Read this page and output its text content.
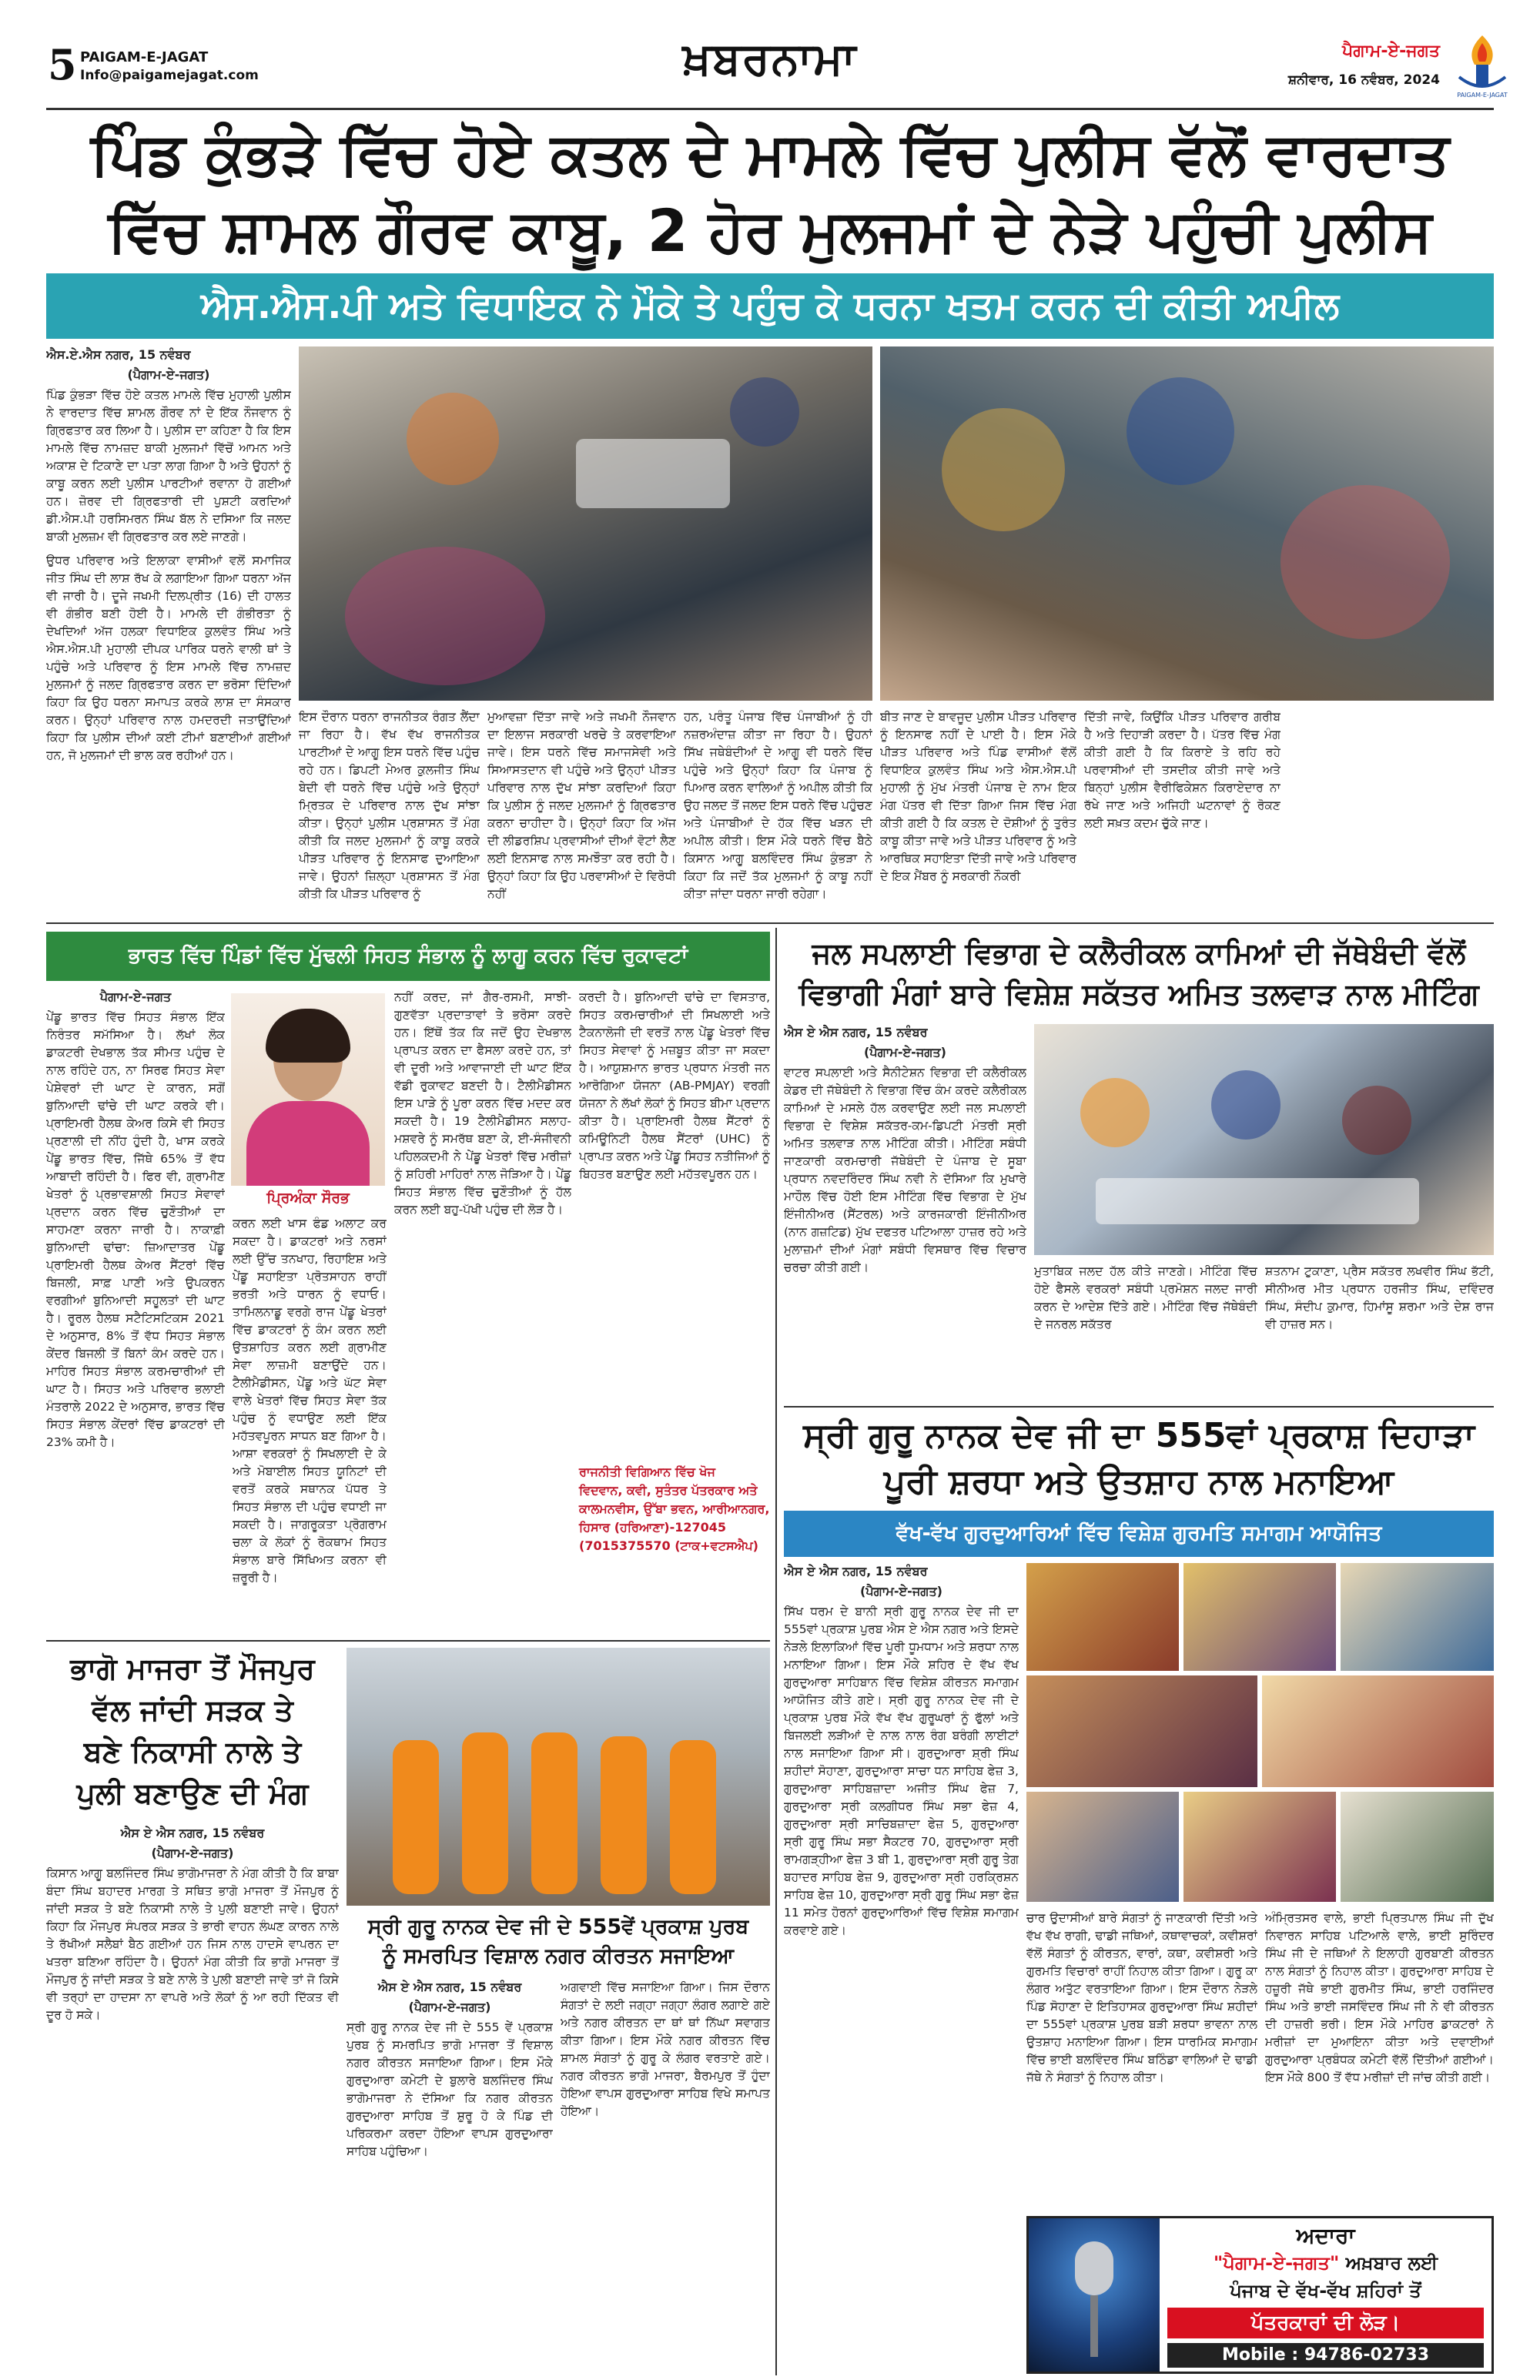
5 PAIGAM-E-JAGAT
Info@paigamejagat.com	ਖ਼ਬਰਨਾਮਾ	ਪੈਗਾਮ-ਏ-ਜਗਤ
ਸ਼ਨੀਵਾਰ, 16 ਨਵੰਬਰ, 2024
PAIGAM-E-JAGAT
ਪਿੰਡ ਕੁੰਭੜੇ ਵਿੱਚ ਹੋਏ ਕਤਲ ਦੇ ਮਾਮਲੇ ਵਿੱਚ ਪੁਲੀਸ ਵੱਲੋਂ ਵਾਰਦਾਤ
ਵਿੱਚ ਸ਼ਾਮਲ ਗੌਰਵ ਕਾਬੂ, 2 ਹੋਰ ਮੁਲਜਮਾਂ ਦੇ ਨੇੜੇ ਪਹੁੰਚੀ ਪੁਲੀਸ
ਐਸ.ਐਸ.ਪੀ ਅਤੇ ਵਿਧਾਇਕ ਨੇ ਮੌਕੇ ਤੇ ਪਹੁੰਚ ਕੇ ਧਰਨਾ ਖਤਮ ਕਰਨ ਦੀ ਕੀਤੀ ਅਪੀਲ
ਐਸ.ਏ.ਐਸ ਨਗਰ, 15 ਨਵੰਬਰ
(ਪੈਗਾਮ-ਏ-ਜਗਤ)

ਪਿੰਡ ਕੁੰਭੜਾ ਵਿੱਚ ਹੋਏ ਕਤਲ ਮਾਮਲੇ ਵਿੱਚ ਮੁਹਾਲੀ ਪੁਲੀਸ ਨੇ ਵਾਰਦਾਤ ਵਿੱਚ ਸ਼ਾਮਲ ਗੌਰਵ ਨਾਂ ਦੇ ਇੱਕ ਨੌਜਵਾਨ ਨੂੰ ਗ੍ਰਿਫਤਾਰ ਕਰ ਲਿਆ ਹੈ। ਪੁਲੀਸ ਦਾ ਕਹਿਣਾ ਹੈ ਕਿ ਇਸ ਮਾਮਲੇ ਵਿੱਚ ਨਾਮਜ਼ਦ ਬਾਕੀ ਮੁਲਜਮਾਂ ਵਿੱਚੋਂ ਆਮਨ ਅਤੇ ਅਕਾਸ਼ ਦੇ ਟਿਕਾਣੇ ਦਾ ਪਤਾ ਲਾਗ ਗਿਆ ਹੈ ਅਤੇ ਉਹਨਾਂ ਨੂੰ ਕਾਬੂ ਕਰਨ ਲਈ ਪੁਲੀਸ ਪਾਰਟੀਆਂ ਰਵਾਨਾ ਹੋ ਗਈਆਂ ਹਨ। ਜ਼ੋਰਵ ਦੀ ਗ੍ਰਿਫਤਾਰੀ ਦੀ ਪੁਸ਼ਟੀ ਕਰਦਿਆਂ ਡੀ.ਐਸ.ਪੀ ਹਰਸਿਮਰਨ ਸਿੰਘ ਬੱਲ ਨੇ ਦਸਿਆ ਕਿ ਜਲਦ ਬਾਕੀ ਮੁਲਜ਼ਮ ਵੀ ਗ੍ਰਿਫਤਾਰ ਕਰ ਲਏ ਜਾਣਗੇ।

ਉਧਰ ਪਰਿਵਾਰ ਅਤੇ ਇਲਾਕਾ ਵਾਸੀਆਂ ਵਲੋਂ ਸਮਾਜਿਕ ਜੀਤ ਸਿੰਘ ਦੀ ਲਾਸ਼ ਰੱਖ ਕੇ ਲਗਾਇਆ ਗਿਆ ਧਰਨਾ ਅੱਜ ਵੀ ਜਾਰੀ ਹੈ। ਦੂਜੇ ਜਖਮੀ ਦਿਲਪ੍ਰੀਤ (16) ਦੀ ਹਾਲਤ ਵੀ ਗੰਭੀਰ ਬਣੀ ਹੋਈ ਹੈ। ਮਾਮਲੇ ਦੀ ਗੰਭੀਰਤਾ ਨੂੰ ਦੇਖਦਿਆਂ ਅੱਜ ਹਲਕਾ ਵਿਧਾਇਕ ਕੁਲਵੰਤ ਸਿੰਘ ਅਤੇ ਐਸ.ਐਸ.ਪੀ ਮੁਹਾਲੀ ਦੀਪਕ ਪਾਰਿਕ ਧਰਨੇ ਵਾਲੀ ਥਾਂ ਤੇ ਪਹੁੰਚੇ ਅਤੇ ਪਰਿਵਾਰ ਨੂੰ ਇਸ ਮਾਮਲੇ ਵਿੱਚ ਨਾਮਜ਼ਦ ਮੁਲਜਮਾਂ ਨੂੰ ਜਲਦ ਗ੍ਰਿਫਤਾਰ ਕਰਨ ਦਾ ਭਰੋਸਾ ਦਿੰਦਿਆਂ ਕਿਹਾ ਕਿ ਉਹ ਧਰਨਾ ਸਮਾਪਤ ਕਰਕੇ ਲਾਸ਼ ਦਾ ਸੰਸਕਾਰ ਕਰਨ। ਉਨ੍ਹਾਂ ਪਰਿਵਾਰ ਨਾਲ ਹਮਦਰਦੀ ਜਤਾਉਂਦਿਆਂ ਕਿਹਾ ਕਿ ਪੁਲੀਸ ਦੀਆਂ ਕਈ ਟੀਮਾਂ ਬਣਾਈਆਂ ਗਈਆਂ ਹਨ, ਜੋ ਮੁਲਜਮਾਂ ਦੀ ਭਾਲ ਕਰ ਰਹੀਆਂ ਹਨ।

ਇਸ ਦੌਰਾਨ ਧਰਨਾ ਰਾਜਨੀਤਕ ਰੰਗਤ ਲੈਂਦਾ ਜਾ ਰਿਹਾ ਹੈ। ਵੱਖ ਵੱਖ ਰਾਜਨੀਤਕ ਪਾਰਟੀਆਂ ਦੇ ਆਗੂ ਇਸ ਧਰਨੇ ਵਿੱਚ ਪਹੁੰਚ ਰਹੇ ਹਨ। ਡਿਪਟੀ ਮੇਅਰ ਕੁਲਜੀਤ ਸਿੰਘ ਬੇਦੀ ਵੀ ਧਰਨੇ ਵਿੱਚ ਪਹੁੰਚੇ ਅਤੇ ਉਨ੍ਹਾਂ ਮ੍ਰਿਤਕ ਦੇ ਪਰਿਵਾਰ ਨਾਲ ਦੁੱਖ ਸਾਂਝਾ ਕੀਤਾ। ਉਨ੍ਹਾਂ ਪੁਲੀਸ ਪ੍ਰਸ਼ਾਸਨ ਤੋਂ ਮੰਗ ਕੀਤੀ ਕਿ ਜਲਦ ਮੁਲਜਮਾਂ ਨੂੰ ਕਾਬੂ ਕਰਕੇ ਪੀੜਤ ਪਰਿਵਾਰ ਨੂੰ ਇਨਸਾਫ ਦੁਆਇਆ ਜਾਵੇ। ਉਹਨਾਂ ਜ਼ਿਲ੍ਹਾ ਪ੍ਰਸ਼ਾਸਨ ਤੋਂ ਮੰਗ ਕੀਤੀ ਕਿ ਪੀੜਤ ਪਰਿਵਾਰ ਨੂੰ
ਮੁਆਵਜ਼ਾ ਦਿੱਤਾ ਜਾਵੇ ਅਤੇ ਜਖਮੀ ਨੌਜਵਾਨ ਦਾ ਇਲਾਜ ਸਰਕਾਰੀ ਖਰਚੇ ਤੇ ਕਰਵਾਇਆ ਜਾਵੇ। ਇਸ ਧਰਨੇ ਵਿੱਚ ਸਮਾਜਸੇਵੀ ਅਤੇ ਸਿਆਸਤਦਾਨ ਵੀ ਪਹੁੰਚੇ ਅਤੇ ਉਨ੍ਹਾਂ ਪੀੜਤ ਪਰਿਵਾਰ ਨਾਲ ਦੁੱਖ ਸਾਂਝਾ ਕਰਦਿਆਂ ਕਿਹਾ ਕਿ ਪੁਲੀਸ ਨੂੰ ਜਲਦ ਮੁਲਜਮਾਂ ਨੂੰ ਗ੍ਰਿਫਤਾਰ ਕਰਨਾ ਚਾਹੀਦਾ ਹੈ। ਉਨ੍ਹਾਂ ਕਿਹਾ ਕਿ ਅੱਜ ਦੀ ਲੀਡਰਸ਼ਿਪ ਪ੍ਰਵਾਸੀਆਂ ਦੀਆਂ ਵੋਟਾਂ ਲੈਣ ਲਈ ਇਨਸਾਫ ਨਾਲ ਸਮਝੌਤਾ ਕਰ ਰਹੀ ਹੈ। ਉਨ੍ਹਾਂ ਕਿਹਾ ਕਿ ਉਹ ਪਰਵਾਸੀਆਂ ਦੇ ਵਿਰੋਧੀ ਨਹੀਂ
ਹਨ, ਪਰੰਤੂ ਪੰਜਾਬ ਵਿੱਚ ਪੰਜਾਬੀਆਂ ਨੂੰ ਹੀ ਨਜ਼ਰਅੰਦਾਜ਼ ਕੀਤਾ ਜਾ ਰਿਹਾ ਹੈ। ਉਹਨਾਂ ਸਿੱਖ ਜਥੇਬੰਦੀਆਂ ਦੇ ਆਗੂ ਵੀ ਧਰਨੇ ਵਿੱਚ ਪਹੁੰਚੇ ਅਤੇ ਉਨ੍ਹਾਂ ਕਿਹਾ ਕਿ ਪੰਜਾਬ ਨੂੰ ਪਿਆਰ ਕਰਨ ਵਾਲਿਆਂ ਨੂੰ ਅਪੀਲ ਕੀਤੀ ਕਿ ਉਹ ਜਲਦ ਤੋਂ ਜਲਦ ਇਸ ਧਰਨੇ ਵਿੱਚ ਪਹੁੰਚਣ ਅਤੇ ਪੰਜਾਬੀਆਂ ਦੇ ਹੱਕ ਵਿੱਚ ਖੜਨ ਦੀ ਅਪੀਲ ਕੀਤੀ। ਇਸ ਮੌਕੇ ਧਰਨੇ ਵਿੱਚ ਬੈਠੇ ਕਿਸਾਨ ਆਗੂ ਬਲਵਿੰਦਰ ਸਿੰਘ ਕੁੰਭੜਾ ਨੇ ਕਿਹਾ ਕਿ ਜਦੋਂ ਤੱਕ ਮੁਲਜਮਾਂ ਨੂੰ ਕਾਬੂ ਨਹੀਂ ਕੀਤਾ ਜਾਂਦਾ ਧਰਨਾ ਜਾਰੀ ਰਹੇਗਾ।
ਬੀਤ ਜਾਣ ਦੇ ਬਾਵਜੂਦ ਪੁਲੀਸ ਪੀੜਤ ਪਰਿਵਾਰ ਨੂੰ ਇਨਸਾਫ ਨਹੀਂ ਦੇ ਪਾਈ ਹੈ। ਇਸ ਮੌਕੇ ਪੀੜਤ ਪਰਿਵਾਰ ਅਤੇ ਪਿੰਡ ਵਾਸੀਆਂ ਵੱਲੋਂ ਵਿਧਾਇਕ ਕੁਲਵੰਤ ਸਿੰਘ ਅਤੇ ਐਸ.ਐਸ.ਪੀ ਮੁਹਾਲੀ ਨੂੰ ਮੁੱਖ ਮੰਤਰੀ ਪੰਜਾਬ ਦੇ ਨਾਮ ਇਕ ਮੰਗ ਪੱਤਰ ਵੀ ਦਿੱਤਾ ਗਿਆ ਜਿਸ ਵਿੱਚ ਮੰਗ ਕੀਤੀ ਗਈ ਹੈ ਕਿ ਕਤਲ ਦੇ ਦੋਸ਼ੀਆਂ ਨੂੰ ਤੁਰੰਤ ਕਾਬੂ ਕੀਤਾ ਜਾਵੇ ਅਤੇ ਪੀੜਤ ਪਰਿਵਾਰ ਨੂੰ ਅਤੇ ਆਰਥਿਕ ਸਹਾਇਤਾ ਦਿੱਤੀ ਜਾਵੇ ਅਤੇ ਪਰਿਵਾਰ ਦੇ ਇਕ ਮੈਂਬਰ ਨੂੰ ਸਰਕਾਰੀ ਨੌਕਰੀ
ਦਿੱਤੀ ਜਾਵੇ, ਕਿਉਂਕਿ ਪੀੜਤ ਪਰਿਵਾਰ ਗਰੀਬ ਹੈ ਅਤੇ ਦਿਹਾੜੀ ਕਰਦਾ ਹੈ। ਪੱਤਰ ਵਿੱਚ ਮੰਗ ਕੀਤੀ ਗਈ ਹੈ ਕਿ ਕਿਰਾਏ ਤੇ ਰਹਿ ਰਹੇ ਪਰਵਾਸੀਆਂ ਦੀ ਤਸਦੀਕ ਕੀਤੀ ਜਾਵੇ ਅਤੇ ਬਿਨ੍ਹਾਂ ਪੁਲੀਸ ਵੈਰੀਫਿਕੇਸ਼ਨ ਕਿਰਾਏਦਾਰ ਨਾ ਰੱਖੇ ਜਾਣ ਅਤੇ ਅਜਿਹੀ ਘਟਨਾਵਾਂ ਨੂੰ ਰੋਕਣ ਲਈ ਸਖ਼ਤ ਕਦਮ ਚੁੱਕੇ ਜਾਣ।
ਭਾਰਤ ਵਿੱਚ ਪਿੰਡਾਂ ਵਿੱਚ ਮੁੱਢਲੀ ਸਿਹਤ ਸੰਭਾਲ ਨੂੰ ਲਾਗੂ ਕਰਨ ਵਿੱਚ ਰੁਕਾਵਟਾਂ
ਪੈਗਾਮ-ਏ-ਜਗਤ

ਪੇਂਡੂ ਭਾਰਤ ਵਿੱਚ ਸਿਹਤ ਸੰਭਾਲ ਇੱਕ ਨਿਰੰਤਰ ਸਮੱਸਿਆ ਹੈ। ਲੱਖਾਂ ਲੋਕ ਡਾਕਟਰੀ ਦੇਖਭਾਲ ਤੱਕ ਸੀਮਤ ਪਹੁੰਚ ਦੇ ਨਾਲ ਰਹਿੰਦੇ ਹਨ, ਨਾ ਸਿਰਫ ਸਿਹਤ ਸੇਵਾ ਪੇਸ਼ੇਵਰਾਂ ਦੀ ਘਾਟ ਦੇ ਕਾਰਨ, ਸਗੋਂ ਬੁਨਿਆਦੀ ਢਾਂਚੇ ਦੀ ਘਾਟ ਕਰਕੇ ਵੀ। ਪ੍ਰਾਇਮਰੀ ਹੈਲਥ ਕੇਅਰ ਕਿਸੇ ਵੀ ਸਿਹਤ ਪ੍ਰਣਾਲੀ ਦੀ ਨੀਂਹ ਹੁੰਦੀ ਹੈ, ਖਾਸ ਕਰਕੇ ਪੇਂਡੂ ਭਾਰਤ ਵਿੱਚ, ਜਿੱਥੇ 65% ਤੋਂ ਵੱਧ ਆਬਾਦੀ ਰਹਿੰਦੀ ਹੈ। ਫਿਰ ਵੀ, ਗ੍ਰਾਮੀਣ ਖੇਤਰਾਂ ਨੂੰ ਪ੍ਰਭਾਵਸ਼ਾਲੀ ਸਿਹਤ ਸੇਵਾਵਾਂ ਪ੍ਰਦਾਨ ਕਰਨ ਵਿੱਚ ਚੁਣੌਤੀਆਂ ਦਾ ਸਾਹਮਣਾ ਕਰਨਾ ਜਾਰੀ ਹੈ। ਨਾਕਾਫ਼ੀ ਬੁਨਿਆਦੀ ਢਾਂਚਾ: ਜ਼ਿਆਦਾਤਰ ਪੇਂਡੂ ਪ੍ਰਾਇਮਰੀ ਹੈਲਥ ਕੇਅਰ ਸੈਂਟਰਾਂ ਵਿੱਚ ਬਿਜਲੀ, ਸਾਫ਼ ਪਾਣੀ ਅਤੇ ਉਪਕਰਨ ਵਰਗੀਆਂ ਬੁਨਿਆਦੀ ਸਹੂਲਤਾਂ ਦੀ ਘਾਟ ਹੈ। ਰੂਰਲ ਹੈਲਥ ਸਟੈਟਿਸਟਿਕਸ 2021 ਦੇ ਅਨੁਸਾਰ, 8% ਤੋਂ ਵੱਧ ਸਿਹਤ ਸੰਭਾਲ ਕੇਂਦਰ ਬਿਜਲੀ ਤੋਂ ਬਿਨਾਂ ਕੰਮ ਕਰਦੇ ਹਨ। ਮਾਹਿਰ ਸਿਹਤ ਸੰਭਾਲ ਕਰਮਚਾਰੀਆਂ ਦੀ ਘਾਟ ਹੈ। ਸਿਹਤ ਅਤੇ ਪਰਿਵਾਰ ਭਲਾਈ ਮੰਤਰਾਲੇ 2022 ਦੇ ਅਨੁਸਾਰ, ਭਾਰਤ ਵਿੱਚ ਸਿਹਤ ਸੰਭਾਲ ਕੇਂਦਰਾਂ ਵਿੱਚ ਡਾਕਟਰਾਂ ਦੀ 23% ਕਮੀ ਹੈ।

ਪ੍ਰਿਅੰਕਾ ਸੌਰਭ
ਕਰਨ ਲਈ ਖਾਸ ਫੰਡ ਅਲਾਟ ਕਰ ਸਕਦਾ ਹੈ। ਡਾਕਟਰਾਂ ਅਤੇ ਨਰਸਾਂ ਲਈ ਉੱਚ ਤਨਖਾਹ, ਰਿਹਾਇਸ਼ ਅਤੇ ਪੇਂਡੂ ਸਹਾਇਤਾ ਪ੍ਰੋਤਸਾਹਨ ਰਾਹੀਂ ਭਰਤੀ ਅਤੇ ਧਾਰਨ ਨੂੰ ਵਧਾਓ। ਤਾਮਿਲਨਾਡੂ ਵਰਗੇ ਰਾਜ ਪੇਂਡੂ ਖੇਤਰਾਂ ਵਿੱਚ ਡਾਕਟਰਾਂ ਨੂੰ ਕੰਮ ਕਰਨ ਲਈ ਉਤਸ਼ਾਹਿਤ ਕਰਨ ਲਈ ਗ੍ਰਾਮੀਣ ਸੇਵਾ ਲਾਜ਼ਮੀ ਬਣਾਉਂਦੇ ਹਨ। ਟੈਲੀਮੈਡੀਸਨ, ਪੇਂਡੂ ਅਤੇ ਘੱਟ ਸੇਵਾ ਵਾਲੇ ਖੇਤਰਾਂ ਵਿੱਚ ਸਿਹਤ ਸੇਵਾ ਤੱਕ ਪਹੁੰਚ ਨੂੰ ਵਧਾਉਣ ਲਈ ਇੱਕ ਮਹੱਤਵਪੂਰਨ ਸਾਧਨ ਬਣ ਗਿਆ ਹੈ। ਆਸ਼ਾ ਵਰਕਰਾਂ ਨੂੰ ਸਿਖਲਾਈ ਦੇ ਕੇ ਅਤੇ ਮੋਬਾਈਲ ਸਿਹਤ ਯੂਨਿਟਾਂ ਦੀ ਵਰਤੋਂ ਕਰਕੇ ਸਥਾਨਕ ਪੱਧਰ ਤੇ ਸਿਹਤ ਸੰਭਾਲ ਦੀ ਪਹੁੰਚ ਵਧਾਈ ਜਾ ਸਕਦੀ ਹੈ। ਜਾਗਰੂਕਤਾ ਪ੍ਰੋਗਰਾਮ ਚਲਾ ਕੇ ਲੋਕਾਂ ਨੂੰ ਰੋਕਥਾਮ ਸਿਹਤ ਸੰਭਾਲ ਬਾਰੇ ਸਿੱਖਿਅਤ ਕਰਨਾ ਵੀ ਜ਼ਰੂਰੀ ਹੈ।

ਨਹੀਂ ਕਰਦ, ਜਾਂ ਗੈਰ-ਰਸਮੀ, ਸਾਝੀ-ਗੁਣਵੱਤਾ ਪ੍ਰਦਾਤਾਵਾਂ ਤੇ ਭਰੋਸਾ ਕਰਦੇ ਹਨ। ਇੱਥੋਂ ਤੱਕ ਕਿ ਜਦੋਂ ਉਹ ਦੇਖਭਾਲ ਪ੍ਰਾਪਤ ਕਰਨ ਦਾ ਫੈਸਲਾ ਕਰਦੇ ਹਨ, ਤਾਂ ਵੀ ਦੂਰੀ ਅਤੇ ਆਵਾਜਾਈ ਦੀ ਘਾਟ ਇੱਕ ਵੱਡੀ ਰੁਕਾਵਟ ਬਣਦੀ ਹੈ। ਟੈਲੀਮੈਡੀਸਨ ਇਸ ਪਾੜੇ ਨੂੰ ਪੂਰਾ ਕਰਨ ਵਿੱਚ ਮਦਦ ਕਰ ਸਕਦੀ ਹੈ। 19 ਟੈਲੀਮੈਡੀਸਨ ਸਲਾਹ-ਮਸ਼ਵਰੇ ਨੂੰ ਸਮਰੱਥ ਬਣਾ ਕੇ, ਈ-ਸੰਜੀਵਨੀ ਪਹਿਲਕਦਮੀ ਨੇ ਪੇਂਡੂ ਖੇਤਰਾਂ ਵਿੱਚ ਮਰੀਜ਼ਾਂ ਨੂੰ ਸ਼ਹਿਰੀ ਮਾਹਿਰਾਂ ਨਾਲ ਜੋੜਿਆ ਹੈ। ਪੇਂਡੂ ਸਿਹਤ ਸੰਭਾਲ ਵਿੱਚ ਚੁਣੌਤੀਆਂ ਨੂੰ ਹੱਲ ਕਰਨ ਲਈ ਬਹੁ-ਪੱਖੀ ਪਹੁੰਚ ਦੀ ਲੋੜ ਹੈ।

ਕਰਦੀ ਹੈ। ਬੁਨਿਆਦੀ ਢਾਂਚੇ ਦਾ ਵਿਸਤਾਰ, ਸਿਹਤ ਕਰਮਚਾਰੀਆਂ ਦੀ ਸਿਖਲਾਈ ਅਤੇ ਟੈਕਨਾਲੋਜੀ ਦੀ ਵਰਤੋਂ ਨਾਲ ਪੇਂਡੂ ਖੇਤਰਾਂ ਵਿੱਚ ਸਿਹਤ ਸੇਵਾਵਾਂ ਨੂੰ ਮਜ਼ਬੂਤ ਕੀਤਾ ਜਾ ਸਕਦਾ ਹੈ। ਆਯੁਸ਼ਮਾਨ ਭਾਰਤ ਪ੍ਰਧਾਨ ਮੰਤਰੀ ਜਨ ਆਰੋਗਿਆ ਯੋਜਨਾ (AB-PMJAY) ਵਰਗੀ ਯੋਜਨਾ ਨੇ ਲੱਖਾਂ ਲੋਕਾਂ ਨੂੰ ਸਿਹਤ ਬੀਮਾ ਪ੍ਰਦਾਨ ਕੀਤਾ ਹੈ। ਪ੍ਰਾਇਮਰੀ ਹੈਲਥ ਸੈਂਟਰਾਂ ਨੂੰ ਕਮਿਊਨਿਟੀ ਹੈਲਥ ਸੈਂਟਰਾਂ (UHC) ਨੂੰ ਪ੍ਰਾਪਤ ਕਰਨ ਅਤੇ ਪੇਂਡੂ ਸਿਹਤ ਨਤੀਜਿਆਂ ਨੂੰ ਬਿਹਤਰ ਬਣਾਉਣ ਲਈ ਮਹੱਤਵਪੂਰਨ ਹਨ।

ਰਾਜਨੀਤੀ ਵਿਗਿਆਨ ਵਿੱਚ ਖੋਜ
ਵਿਦਵਾਨ, ਕਵੀ, ਸੁਤੰਤਰ ਪੱਤਰਕਾਰ ਅਤੇ
ਕਾਲਮਨਵੀਸ, ਉੱਬਾ ਭਵਨ, ਆਰੀਆਨਗਰ,
ਹਿਸਾਰ (ਹਰਿਆਣਾ)-127045
(7015375570 (ਟਾਕ+ਵਟਸਐਪ)
ਜਲ ਸਪਲਾਈ ਵਿਭਾਗ ਦੇ ਕਲੈਰੀਕਲ ਕਾਮਿਆਂ ਦੀ ਜੱਥੇਬੰਦੀ ਵੱਲੋਂ
ਵਿਭਾਗੀ ਮੰਗਾਂ ਬਾਰੇ ਵਿਸ਼ੇਸ਼ ਸਕੱਤਰ ਅਮਿਤ ਤਲਵਾੜ ਨਾਲ ਮੀਟਿੰਗ
ਐਸ ਏ ਐਸ ਨਗਰ, 15 ਨਵੰਬਰ
(ਪੈਗਾਮ-ਏ-ਜਗਤ)

ਵਾਟਰ ਸਪਲਾਈ ਅਤੇ ਸੈਨੀਟੇਸ਼ਨ ਵਿਭਾਗ ਦੀ ਕਲੈਰੀਕਲ ਕੇਡਰ ਦੀ ਜੱਥੇਬੰਦੀ ਨੇ ਵਿਭਾਗ ਵਿੱਚ ਕੰਮ ਕਰਦੇ ਕਲੈਰੀਕਲ ਕਾਮਿਆਂ ਦੇ ਮਸਲੇ ਹੱਲ ਕਰਵਾਉਣ ਲਈ ਜਲ ਸਪਲਾਈ ਵਿਭਾਗ ਦੇ ਵਿਸ਼ੇਸ਼ ਸਕੱਤਰ-ਕਮ-ਡਿਪਟੀ ਮੰਤਰੀ ਸ੍ਰੀ ਅਮਿਤ ਤਲਵਾੜ ਨਾਲ ਮੀਟਿੰਗ ਕੀਤੀ। ਮੀਟਿੰਗ ਸਬੰਧੀ ਜਾਣਕਾਰੀ ਕਰਮਚਾਰੀ ਜੱਥੇਬੰਦੀ ਦੇ ਪੰਜਾਬ ਦੇ ਸੂਬਾ ਪ੍ਰਧਾਨ ਨਵਦਰਿੰਦਰ ਸਿੰਘ ਨਵੀ ਨੇ ਦੱਸਿਆ ਕਿ ਮੁਖਾਰੇ ਮਾਹੌਲ ਵਿੱਚ ਹੋਈ ਇਸ ਮੀਟਿੰਗ ਵਿੱਚ ਵਿਭਾਗ ਦੇ ਮੁੱਖ ਇੰਜੀਨੀਅਰ (ਸੈਂਟਰਲ) ਅਤੇ ਕਾਰਜਕਾਰੀ ਇੰਜੀਨੀਅਰ (ਨਾਨ ਗਜ਼ਟਿਡ) ਮੁੱਖ ਦਫਤਰ ਪਟਿਆਲਾ ਹਾਜ਼ਰ ਰਹੇ ਅਤੇ ਮੁਲਾਜ਼ਮਾਂ ਦੀਆਂ ਮੰਗਾਂ ਸਬੰਧੀ ਵਿਸਥਾਰ ਵਿੱਚ ਵਿਚਾਰ ਚਰਚਾ ਕੀਤੀ ਗਈ।	ਮੁਤਾਬਿਕ ਜਲਦ ਹੱਲ ਕੀਤੇ ਜਾਣਗੇ। ਮੀਟਿੰਗ ਵਿੱਚ ਹੋਏ ਫੈਸਲੇ ਵਰਕਰਾਂ ਸਬੰਧੀ ਪ੍ਰਮੋਸ਼ਨ ਜਲਦ ਜਾਰੀ ਕਰਨ ਦੇ ਆਦੇਸ਼ ਦਿੱਤੇ ਗਏ। ਮੀਟਿੰਗ ਵਿੱਚ ਜੱਥੇਬੰਦੀ ਦੇ ਜਨਰਲ ਸਕੱਤਰ
ਸ਼ਤਨਾਮ ਟੁਕਾਣਾ, ਪ੍ਰੈਸ ਸਕੱਤਰ ਲਖਵੀਰ ਸਿੰਘ ਭੱਟੀ, ਸੀਨੀਅਰ ਮੀਤ ਪ੍ਰਧਾਨ ਹਰਜੀਤ ਸਿੰਘ, ਦਵਿੰਦਰ ਸਿੰਘ, ਸੰਦੀਪ ਕੁਮਾਰ, ਹਿਮਾਂਸੂ ਸ਼ਰਮਾ ਅਤੇ ਦੇਸ਼ ਰਾਜ ਵੀ ਹਾਜ਼ਰ ਸਨ।
ਸ੍ਰੀ ਗੁਰੂ ਨਾਨਕ ਦੇਵ ਜੀ ਦਾ 555ਵਾਂ ਪ੍ਰਕਾਸ਼ ਦਿਹਾੜਾ
ਪੂਰੀ ਸ਼ਰਧਾ ਅਤੇ ਉਤਸ਼ਾਹ ਨਾਲ ਮਨਾਇਆ
ਵੱਖ-ਵੱਖ ਗੁਰਦੁਆਰਿਆਂ ਵਿੱਚ ਵਿਸ਼ੇਸ਼ ਗੁਰਮਤਿ ਸਮਾਗਮ ਆਯੋਜਿਤ
ਐਸ ਏ ਐਸ ਨਗਰ, 15 ਨਵੰਬਰ
(ਪੈਗਾਮ-ਏ-ਜਗਤ)

ਸਿੱਖ ਧਰਮ ਦੇ ਬਾਨੀ ਸ੍ਰੀ ਗੁਰੂ ਨਾਨਕ ਦੇਵ ਜੀ ਦਾ 555ਵਾਂ ਪ੍ਰਕਾਸ਼ ਪੁਰਬ ਐਸ ਏ ਐਸ ਨਗਰ ਅਤੇ ਇਸਦੇ ਨੇੜਲੇ ਇਲਾਕਿਆਂ ਵਿੱਚ ਪੂਰੀ ਧੂਮਧਾਮ ਅਤੇ ਸ਼ਰਧਾ ਨਾਲ ਮਨਾਇਆ ਗਿਆ। ਇਸ ਮੌਕੇ ਸ਼ਹਿਰ ਦੇ ਵੱਖ ਵੱਖ ਗੁਰਦੁਆਰਾ ਸਾਹਿਬਾਨ ਵਿੱਚ ਵਿਸ਼ੇਸ਼ ਕੀਰਤਨ ਸਮਾਗਮ ਆਯੋਜਿਤ ਕੀਤੇ ਗਏ। ਸ੍ਰੀ ਗੁਰੂ ਨਾਨਕ ਦੇਵ ਜੀ ਦੇ ਪ੍ਰਕਾਸ਼ ਪੁਰਬ ਮੌਕੇ ਵੱਖ ਵੱਖ ਗੁਰੂਘਰਾਂ ਨੂੰ ਫੁੱਲਾਂ ਅਤੇ ਬਿਜਲਈ ਲੜੀਆਂ ਦੇ ਨਾਲ ਨਾਲ ਰੰਗ ਬਰੰਗੀ ਲਾਈਟਾਂ ਨਾਲ ਸਜਾਇਆ ਗਿਆ ਸੀ। ਗੁਰਦੁਆਰਾ ਸ਼੍ਰੀ ਸਿੰਘ ਸ਼ਹੀਦਾਂ ਸੋਹਾਣਾ, ਗੁਰਦੁਆਰਾ ਸਾਚਾ ਧਨ ਸਾਹਿਬ ਫੇਜ਼ 3, ਗੁਰਦੁਆਰਾ ਸਾਹਿਬਜ਼ਾਦਾ ਅਜੀਤ ਸਿੰਘ ਫੇਜ਼ 7, ਗੁਰਦੁਆਰਾ ਸ੍ਰੀ ਕਲਗੀਧਰ ਸਿੰਘ ਸਭਾ ਫੇਜ਼ 4, ਗੁਰਦੁਆਰਾ ਸ੍ਰੀ ਸਾਚਿਬਜ਼ਾਦਾ ਫੇਜ਼ 5, ਗੁਰਦੁਆਰਾ ਸ੍ਰੀ ਗੁਰੂ ਸਿੰਘ ਸਭਾ ਸੈਕਟਰ 70, ਗੁਰਦੁਆਰਾ ਸ੍ਰੀ ਰਾਮਗੜ੍ਹੀਆ ਫੇਜ਼ 3 ਬੀ 1, ਗੁਰਦੁਆਰਾ ਸ੍ਰੀ ਗੁਰੂ ਤੇਗ ਬਹਾਦਰ ਸਾਹਿਬ ਫੇਜ਼ 9, ਗੁਰਦੁਆਰਾ ਸ੍ਰੀ ਹਰਕ੍ਰਿਸ਼ਨ ਸਾਹਿਬ ਫੇਜ਼ 10, ਗੁਰਦੁਆਰਾ ਸ੍ਰੀ ਗੁਰੂ ਸਿੰਘ ਸਭਾ ਫੇਜ਼ 11 ਸਮੇਤ ਹੋਰਨਾਂ ਗੁਰਦੁਆਰਿਆਂ ਵਿੱਚ ਵਿਸ਼ੇਸ਼ ਸਮਾਗਮ ਕਰਵਾਏ ਗਏ।

ਚਾਰ ਉਦਾਸੀਆਂ ਬਾਰੇ ਸੰਗਤਾਂ ਨੂੰ ਜਾਣਕਾਰੀ ਦਿੱਤੀ ਅਤੇ ਵੱਖ ਵੱਖ ਰਾਗੀ, ਢਾਡੀ ਜਥਿਆਂ, ਕਥਾਵਾਚਕਾਂ, ਕਵੀਸ਼ਰਾਂ ਵੱਲੋਂ ਸੰਗਤਾਂ ਨੂੰ ਕੀਰਤਨ, ਵਾਰਾਂ, ਕਥਾ, ਕਵੀਸ਼ਰੀ ਅਤੇ ਗੁਰਮਤਿ ਵਿਚਾਰਾਂ ਰਾਹੀਂ ਨਿਹਾਲ ਕੀਤਾ ਗਿਆ। ਗੁਰੂ ਕਾ ਲੰਗਰ ਅਤੁੱਟ ਵਰਤਾਇਆ ਗਿਆ। ਇਸ ਦੌਰਾਨ ਨੇੜਲੇ ਪਿੰਡ ਸੋਹਾਣਾ ਦੇ ਇਤਿਹਾਸਕ ਗੁਰਦੁਆਰਾ ਸਿੰਘ ਸ਼ਹੀਦਾਂ ਦਾ 555ਵਾਂ ਪ੍ਰਕਾਸ਼ ਪੁਰਬ ਬੜੀ ਸ਼ਰਧਾ ਭਾਵਨਾ ਨਾਲ ਉਤਸ਼ਾਹ ਮਨਾਇਆ ਗਿਆ। ਇਸ ਧਾਰਮਿਕ ਸਮਾਗਮ ਵਿੱਚ ਭਾਈ ਬਲਵਿੰਦਰ ਸਿੰਘ ਬਠਿੰਡਾ ਵਾਲਿਆਂ ਦੇ ਢਾਡੀ ਜੱਥੇ ਨੇ ਸੰਗਤਾਂ ਨੂੰ ਨਿਹਾਲ ਕੀਤਾ।
ਅੰਮ੍ਰਿਤਸਰ ਵਾਲੇ, ਭਾਈ ਪ੍ਰਿਤਪਾਲ ਸਿੰਘ ਜੀ ਦੁੱਖ ਨਿਵਾਰਨ ਸਾਹਿਬ ਪਟਿਆਲੇ ਵਾਲੇ, ਭਾਈ ਸੁਰਿੰਦਰ ਸਿੰਘ ਜੀ ਦੇ ਜਥਿਆਂ ਨੇ ਇਲਾਹੀ ਗੁਰਬਾਣੀ ਕੀਰਤਨ ਨਾਲ ਸੰਗਤਾਂ ਨੂੰ ਨਿਹਾਲ ਕੀਤਾ। ਗੁਰਦੁਆਰਾ ਸਾਹਿਬ ਦੇ ਹਜ਼ੂਰੀ ਜੱਥੇ ਭਾਈ ਗੁਰਮੀਤ ਸਿੰਘ, ਭਾਈ ਹਰਜਿੰਦਰ ਸਿੰਘ ਅਤੇ ਭਾਈ ਜਸਵਿੰਦਰ ਸਿੰਘ ਜੀ ਨੇ ਵੀ ਕੀਰਤਨ ਦੀ ਹਾਜ਼ਰੀ ਭਰੀ। ਇਸ ਮੌਕੇ ਮਾਹਿਰ ਡਾਕਟਰਾਂ ਨੇ ਮਰੀਜ਼ਾਂ ਦਾ ਮੁਆਇਨਾ ਕੀਤਾ ਅਤੇ ਦਵਾਈਆਂ ਗੁਰਦੁਆਰਾ ਪ੍ਰਬੰਧਕ ਕਮੇਟੀ ਵੱਲੋਂ ਦਿੱਤੀਆਂ ਗਈਆਂ। ਇਸ ਮੌਕੇ 800 ਤੋਂ ਵੱਧ ਮਰੀਜ਼ਾਂ ਦੀ ਜਾਂਚ ਕੀਤੀ ਗਈ।
ਅਦਾਰਾ
"ਪੈਗਾਮ-ਏ-ਜਗਤ" ਅਖ਼ਬਾਰ ਲਈ
ਪੰਜਾਬ ਦੇ ਵੱਖ-ਵੱਖ ਸ਼ਹਿਰਾਂ ਤੋਂ
ਪੱਤਰਕਾਰਾਂ ਦੀ ਲੋੜ।
Mobile : 94786-02733
ਭਾਗੋ ਮਾਜਰਾ ਤੋਂ ਮੌਜਪੁਰ
ਵੱਲ ਜਾਂਦੀ ਸੜਕ ਤੇ
ਬਣੇ ਨਿਕਾਸੀ ਨਾਲੇ ਤੇ
ਪੁਲੀ ਬਣਾਉਣ ਦੀ ਮੰਗ
ਐਸ ਏ ਐਸ ਨਗਰ, 15 ਨਵੰਬਰ
(ਪੈਗਾਮ-ਏ-ਜਗਤ)

ਕਿਸਾਨ ਆਗੂ ਬਲਜਿੰਦਰ ਸਿੰਘ ਭਾਗੋਮਾਜਰਾ ਨੇ ਮੰਗ ਕੀਤੀ ਹੈ ਕਿ ਬਾਬਾ ਬੰਦਾ ਸਿੰਘ ਬਹਾਦਰ ਮਾਰਗ ਤੇ ਸਥਿਤ ਭਾਗੋ ਮਾਜਰਾ ਤੋਂ ਮੌਜਪੁਰ ਨੂੰ ਜਾਂਦੀ ਸੜਕ ਤੇ ਬਣੇ ਨਿਕਾਸੀ ਨਾਲੇ ਤੇ ਪੁਲੀ ਬਣਾਈ ਜਾਵੇ। ਉਹਨਾਂ ਕਿਹਾ ਕਿ ਮੌਜਪੁਰ ਸੰਪਰਕ ਸੜਕ ਤੇ ਭਾਰੀ ਵਾਹਨ ਲੰਘਣ ਕਾਰਨ ਨਾਲੇ ਤੇ ਰੱਖੀਆਂ ਸਲੈਬਾਂ ਬੈਠ ਗਈਆਂ ਹਨ ਜਿਸ ਨਾਲ ਹਾਦਸੇ ਵਾਪਰਨ ਦਾ ਖਤਰਾ ਬਣਿਆ ਰਹਿੰਦਾ ਹੈ। ਉਹਨਾਂ ਮੰਗ ਕੀਤੀ ਕਿ ਭਾਗੋ ਮਾਜਰਾ ਤੋਂ ਮੌਜਪੁਰ ਨੂੰ ਜਾਂਦੀ ਸੜਕ ਤੇ ਬਣੇ ਨਾਲੇ ਤੇ ਪੁਲੀ ਬਣਾਈ ਜਾਵੇ ਤਾਂ ਜੋ ਕਿਸੇ ਵੀ ਤਰ੍ਹਾਂ ਦਾ ਹਾਦਸਾ ਨਾ ਵਾਪਰੇ ਅਤੇ ਲੋਕਾਂ ਨੂੰ ਆ ਰਹੀ ਦਿੱਕਤ ਵੀ ਦੂਰ ਹੋ ਸਕੇ।

ਸ੍ਰੀ ਗੁਰੂ ਨਾਨਕ ਦੇਵ ਜੀ ਦੇ 555ਵੇਂ ਪ੍ਰਕਾਸ਼ ਪੁਰਬ
ਨੂੰ ਸਮਰਪਿਤ ਵਿਸ਼ਾਲ ਨਗਰ ਕੀਰਤਨ ਸਜਾਇਆ
ਐਸ ਏ ਐਸ ਨਗਰ, 15 ਨਵੰਬਰ
(ਪੈਗਾਮ-ਏ-ਜਗਤ)

ਸ੍ਰੀ ਗੁਰੂ ਨਾਨਕ ਦੇਵ ਜੀ ਦੇ 555 ਵੇਂ ਪ੍ਰਕਾਸ਼ ਪੁਰਬ ਨੂੰ ਸਮਰਪਿਤ ਭਾਗੋ ਮਾਜਰਾ ਤੋਂ ਵਿਸ਼ਾਲ ਨਗਰ ਕੀਰਤਨ ਸਜਾਇਆ ਗਿਆ। ਇਸ ਮੌਕੇ ਗੁਰਦੁਆਰਾ ਕਮੇਟੀ ਦੇ ਬੁਲਾਰੇ ਬਲਜਿੰਦਰ ਸਿੰਘ ਭਾਗੋਮਾਜਰਾ ਨੇ ਦੱਸਿਆ ਕਿ ਨਗਰ ਕੀਰਤਨ ਗੁਰਦੁਆਰਾ ਸਾਹਿਬ ਤੋਂ ਸ਼ੁਰੂ ਹੋ ਕੇ ਪਿੰਡ ਦੀ ਪਰਿਕਰਮਾ ਕਰਦਾ ਹੋਇਆ ਵਾਪਸ ਗੁਰਦੁਆਰਾ ਸਾਹਿਬ ਪਹੁੰਚਿਆ।

ਅਗਵਾਈ ਵਿੱਚ ਸਜਾਇਆ ਗਿਆ। ਜਿਸ ਦੌਰਾਨ ਸੰਗਤਾਂ ਦੇ ਲਈ ਜਗ੍ਹਾ ਜਗ੍ਹਾ ਲੰਗਰ ਲਗਾਏ ਗਏ ਅਤੇ ਨਗਰ ਕੀਰਤਨ ਦਾ ਥਾਂ ਥਾਂ ਨਿੱਘਾ ਸਵਾਗਤ ਕੀਤਾ ਗਿਆ। ਇਸ ਮੌਕੇ ਨਗਰ ਕੀਰਤਨ ਵਿੱਚ ਸ਼ਾਮਲ ਸੰਗਤਾਂ ਨੂੰ ਗੁਰੂ ਕੇ ਲੰਗਰ ਵਰਤਾਏ ਗਏ। ਨਗਰ ਕੀਰਤਨ ਭਾਗੋ ਮਾਜਰਾ, ਬੈਰਮਪੁਰ ਤੋਂ ਹੁੰਦਾ ਹੋਇਆ ਵਾਪਸ ਗੁਰਦੁਆਰਾ ਸਾਹਿਬ ਵਿਖੇ ਸਮਾਪਤ ਹੋਇਆ।
